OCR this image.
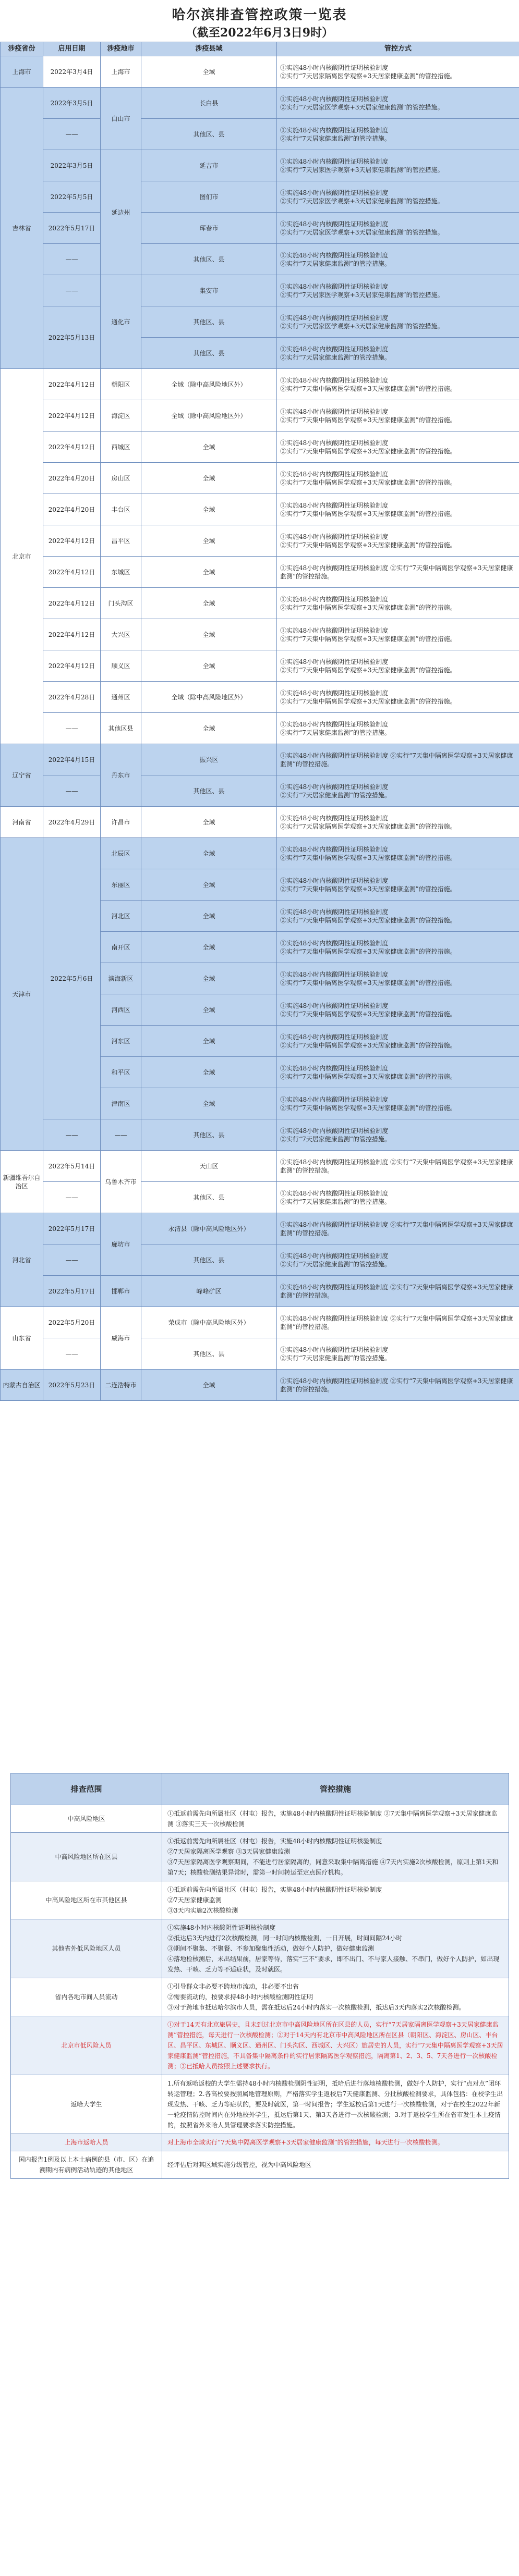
哈尔滨排查管控政策一览表
（截至2022年6月3日9时）
涉疫省份	启用日期	涉疫地市	涉疫县域	管控方式
上海市	2022年3月4日	上海市	全域	①实施48小时内核酸阴性证明核验制度
②实行“7天居家隔离医学观察+3天居家健康监测”的管控措施。
吉林省	2022年3月5日	白山市	长白县	①实施48小时内核酸阴性证明核验制度
②实行“7天居家医学观察+3天居家健康监测”的管控措施。
	——		其他区、县	①实施48小时内核酸阴性证明核验制度
②实行“7天居家健康监测”的管控措施。
	2022年3月5日	延边州	延吉市	①实施48小时内核酸阴性证明核验制度
②实行“7天居家医学观察+3天居家健康监测”的管控措施。
	2022年5月5日		图们市	①实施48小时内核酸阴性证明核验制度
②实行“7天居家医学观察+3天居家健康监测”的管控措施。
	2022年5月17日		珲春市	①实施48小时内核酸阴性证明核验制度
②实行“7天居家医学观察+3天居家健康监测”的管控措施。
	——		其他区、县	①实施48小时内核酸阴性证明核验制度
②实行“7天居家健康监测”的管控措施。
	——	通化市	集安市	①实施48小时内核酸阴性证明核验制度
②实行“7天居家医学观察+3天居家健康监测”的管控措施。
	2022年5月13日		其他区、县	①实施48小时内核酸阴性证明核验制度
②实行“7天居家医学观察+3天居家健康监测”的管控措施。
			其他区、县	①实施48小时内核酸阴性证明核验制度
②实行“7天居家健康监测”的管控措施。
北京市	2022年4月12日	朝阳区	全域（除中高风险地区外）	①实施48小时内核酸阴性证明核验制度
②实行“7天集中隔离医学观察+3天居家健康监测”的管控措施。
	2022年4月12日	海淀区	全域（除中高风险地区外）	①实施48小时内核酸阴性证明核验制度
②实行“7天集中隔离医学观察+3天居家健康监测”的管控措施。
	2022年4月12日	西城区	全域	①实施48小时内核酸阴性证明核验制度
②实行“7天集中隔离医学观察+3天居家健康监测”的管控措施。
	2022年4月20日	房山区	全域	①实施48小时内核酸阴性证明核验制度
②实行“7天集中隔离医学观察+3天居家健康监测”的管控措施。
	2022年4月20日	丰台区	全域	①实施48小时内核酸阴性证明核验制度
②实行“7天集中隔离医学观察+3天居家健康监测”的管控措施。
	2022年4月12日	昌平区	全域	①实施48小时内核酸阴性证明核验制度
②实行“7天集中隔离医学观察+3天居家健康监测”的管控措施。
	2022年4月12日	东城区	全域	①实施48小时内核酸阴性证明核验制度 ②实行“7天集中隔离医学观察+3天居家健康监测”的管控措施。
	2022年4月12日	门头沟区	全域	①实施48小时内核酸阴性证明核验制度
②实行“7天集中隔离医学观察+3天居家健康监测”的管控措施。
	2022年4月12日	大兴区	全域	①实施48小时内核酸阴性证明核验制度
②实行“7天集中隔离医学观察+3天居家健康监测”的管控措施。
	2022年4月12日	顺义区	全域	①实施48小时内核酸阴性证明核验制度
②实行“7天集中隔离医学观察+3天居家健康监测”的管控措施。
	2022年4月28日	通州区	全域（除中高风险地区外）	①实施48小时内核酸阴性证明核验制度
②实行“7天集中隔离医学观察+3天居家健康监测”的管控措施。
	——	其他区县	全域	①实施48小时内核酸阴性证明核验制度
②实行“7天居家健康监测”的管控措施。
辽宁省	2022年4月15日	丹东市	振兴区	①实施48小时内核酸阴性证明核验制度 ②实行“7天集中隔离医学观察+3天居家健康监测”的管控措施。
	——		其他区、县	①实施48小时内核酸阴性证明核验制度
②实行“7天居家健康监测”的管控措施。
河南省	2022年4月29日	许昌市	全域	①实施48小时内核酸阴性证明核验制度
②实行“7天居家隔离医学观察+3天居家健康监测”的管控措施。
天津市	2022年5月6日	北辰区	全域	①实施48小时内核酸阴性证明核验制度
②实行“7天集中隔离医学观察+3天居家健康监测”的管控措施。
		东丽区	全域	①实施48小时内核酸阴性证明核验制度
②实行“7天集中隔离医学观察+3天居家健康监测”的管控措施。
		河北区	全域	①实施48小时内核酸阴性证明核验制度
②实行“7天集中隔离医学观察+3天居家健康监测”的管控措施。
		南开区	全域	①实施48小时内核酸阴性证明核验制度
②实行“7天集中隔离医学观察+3天居家健康监测”的管控措施。
		滨海新区	全域	①实施48小时内核酸阴性证明核验制度
②实行“7天集中隔离医学观察+3天居家健康监测”的管控措施。
		河西区	全域	①实施48小时内核酸阴性证明核验制度
②实行“7天集中隔离医学观察+3天居家健康监测”的管控措施。
		河东区	全域	①实施48小时内核酸阴性证明核验制度
②实行“7天集中隔离医学观察+3天居家健康监测”的管控措施。
		和平区	全域	①实施48小时内核酸阴性证明核验制度
②实行“7天集中隔离医学观察+3天居家健康监测”的管控措施。
		津南区	全域	①实施48小时内核酸阴性证明核验制度
②实行“7天集中隔离医学观察+3天居家健康监测”的管控措施。
	——	——	其他区、县	①实施48小时内核酸阴性证明核验制度
②实行“7天居家健康监测”的管控措施。
新疆维吾尔自治区	2022年5月14日	乌鲁木齐市	天山区	①实施48小时内核酸阴性证明核验制度 ②实行“7天集中隔离医学观察+3天居家健康监测”的管控措施。
	——		其他区、县	①实施48小时内核酸阴性证明核验制度
②实行“7天居家健康监测”的管控措施。
河北省	2022年5月17日	廊坊市	永清县（除中高风险地区外）	①实施48小时内核酸阴性证明核验制度 ②实行“7天集中隔离医学观察+3天居家健康监测”的管控措施。
	——		其他区、县	①实施48小时内核酸阴性证明核验制度
②实行“7天居家健康监测”的管控措施。
	2022年5月17日	邯郸市	峰峰矿区	①实施48小时内核酸阴性证明核验制度 ②实行“7天集中隔离医学观察+3天居家健康监测”的管控措施。
山东省	2022年5月20日	威海市	荣成市（除中高风险地区外）	①实施48小时内核酸阴性证明核验制度 ②实行“7天集中隔离医学观察+3天居家健康监测”的管控措施。
	——		其他区、县	①实施48小时内核酸阴性证明核验制度
②实行“7天居家健康监测”的管控措施。
内蒙古自治区	2022年5月23日	二连浩特市	全域	①实施48小时内核酸阴性证明核验制度 ②实行“7天集中隔离医学观察+3天居家健康监测”的管控措施。
排查范围	管控措施
中高风险地区	①抵返前需先向所属社区（村屯）报告，实施48小时内核酸阴性证明核验制度 ②7天集中隔离医学观察+3天居家健康监测 ③落实三天一次核酸检测
中高风险地区所在区县	①抵返前需先向所属社区（村屯）报告，实施48小时内核酸阴性证明核验制度
②7天居家隔离医学观察 ③3天居家健康监测
③7天居家隔离医学观察期间，不能进行居家隔离的，同意采取集中隔离措施 ④7天内实施2次核酸检测，原则上第1天和第7天；核酸检测结果异常时，需第一时间转运至定点医疗机构。
中高风险地区所在市其他区县	①抵返前需先向所属社区（村屯）报告，实施48小时内核酸阴性证明核验制度
②7天居家健康监测
③3天内实施2次核酸检测
其他省外低风险地区人员	①实施48小时内核酸阴性证明核验制度
②抵达后3天内进行2次核酸检测，同一时间内核酸检测，一日开展，时间间隔24小时
③期间不聚集、不聚餐、不参加聚集性活动，做好个人防护，做好健康监测
④落地检核测后，未出结果前，居家等待，落实“三不”要求，即不出门、不与家人接触、不串门，做好个人防护，如出现发热、干咳、乏力等不适症状，及时就医。
省内各地市间人员流动	①引导群众非必要不跨地市流动，非必要不出省
②需要流动的，按要求持48小时内核酸检测阴性证明
③对于跨地市抵达哈尔滨市人员，需在抵达后24小时内落实一次核酸检测，抵达后3天内落实2次核酸检测。
北京市低风险人员	①对于14天有北京旅居史，且未到过北京市中高风险地区所在区县的人员，实行“7天居家隔离医学观察+3天居家健康监测”管控措施，每天进行一次核酸检测；②对于14天内有北京市中高风险地区所在区县（朝阳区、海淀区、房山区、丰台区、昌平区、东城区、顺义区、通州区、门头沟区、西城区、大兴区）旅居史的人员，实行“7天集中隔离医学观察+3天居家健康监测”管控措施，不具备集中隔离条件的实行居家隔离医学观察措施，隔离第1、2、3、5、7天各进行一次核酸检测；③已抵哈人员按照上述要求执行。
返哈大学生	1.所有返哈返校的大学生需持48小时内核酸检测阴性证明，抵哈后进行落地核酸检测，做好个人防护，实行“点对点”闭环转运管理；2.各高校要按照属地管理原则，严格落实学生返校后7天健康监测、分批核酸检测要求，具体包括：在校学生出现发热、干咳、乏力等症状的，要及时就医，第一时间报告；学生返校后第1天进行一次核酸检测，对于在校生2022年新一轮疫情防控时间内在外地校外学生，抵达后第1天、第3天各进行一次核酸检测；3.对于返校学生所在省市发生本土疫情的，按照省外来哈人员管理要求落实防控措施。
上海市返哈人员	对上海市全域实行“7天集中隔离医学观察+3天居家健康监测”的管控措施，每天进行一次核酸检测。
国内报告1例及以上本土病例的县（市、区）在追溯期内有病例活动轨迹的其他地区	经评估后对其区域实施分级管控，视为中高风险地区
